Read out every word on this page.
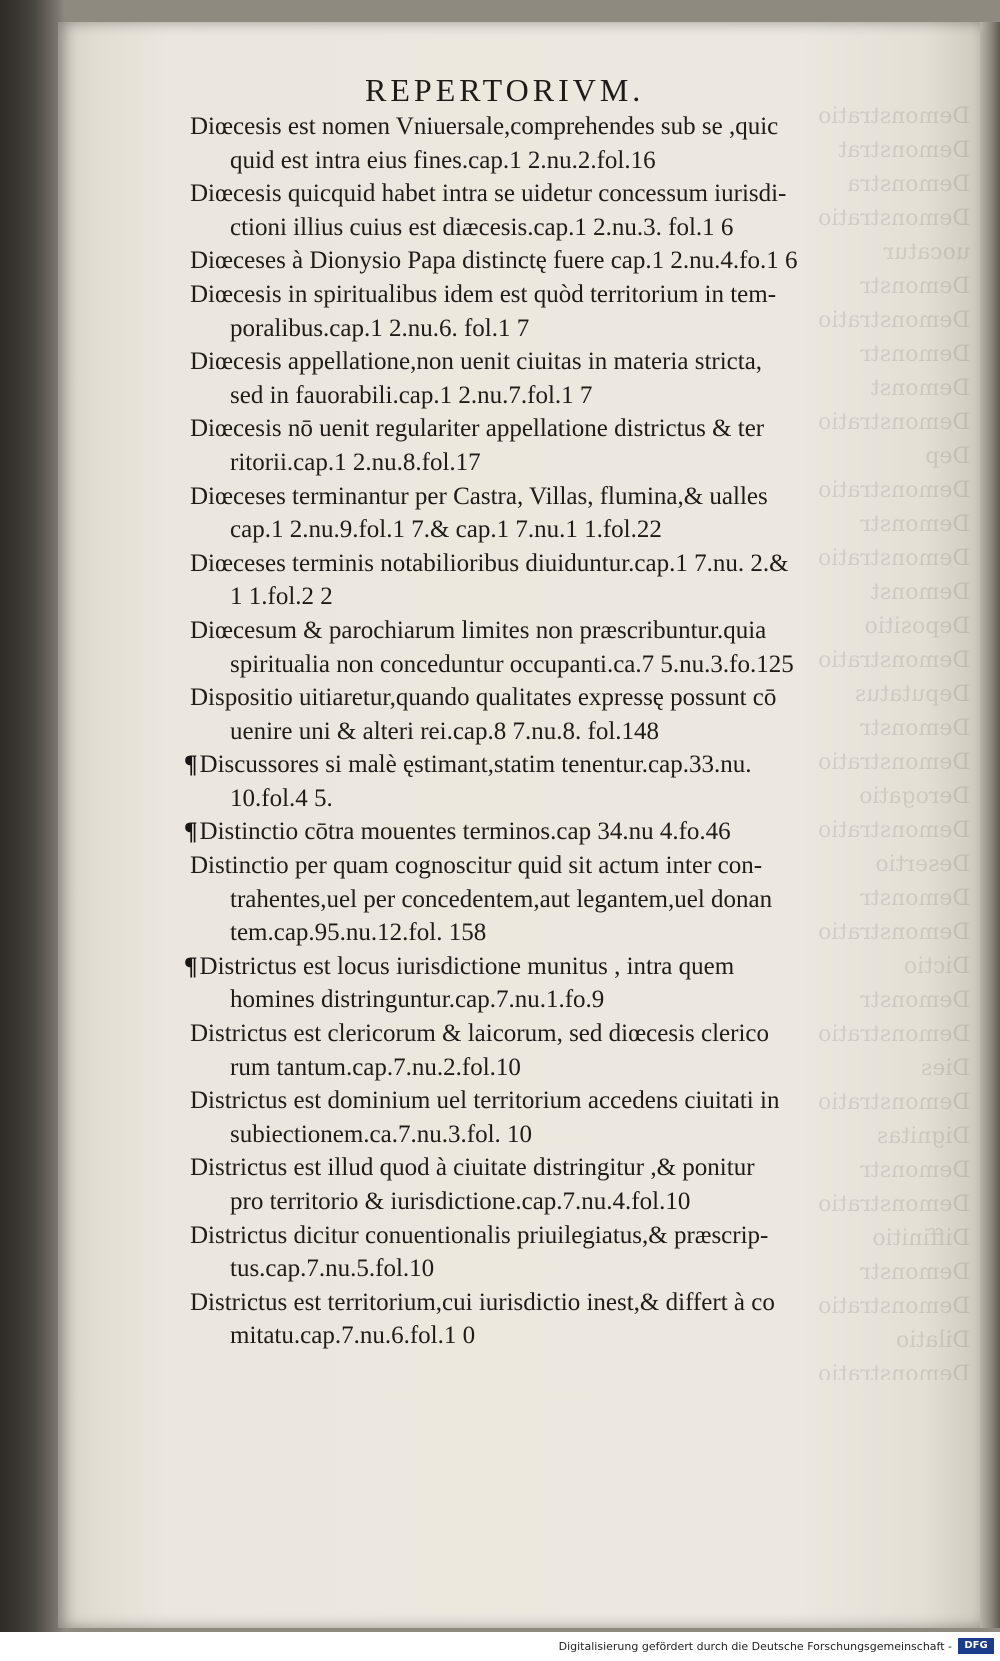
Demonstratio
Demonstrat
Demonstra
Demonstratio
uocatur
Demonstr
Demonstratio
Demonstr
Demonst
Demonstratio
Dep
Demonstratio
Demonstr
Demonstratio
Demonst
Depositio
Demonstratio
Deputatus
Demonstr
Demonstratio
Derogatio
Demonstratio
Desertio
Demonstr
Demonstratio
Dictio
Demonstr
Demonstratio
Dies
Demonstratio
Dignitas
Demonstr
Demonstratio
Diffinitio
Demonstr
Demonstratio
Dilatio
Demonstratio
REPERTORIVM.
Diœcesis est nomen Vniuersale,comprehendes sub se ,quic
quid est intra eius fines.cap.1 2.nu.2.fol.16
Diœcesis quicquid habet intra se uidetur concessum iurisdi-
ctioni illius cuius est diæcesis.cap.1 2.nu.3. fol.1 6
Diœceses à Dionysio Papa distinctę fuere cap.1 2.nu.4.fo.1 6
Diœcesis in spiritualibus idem est quòd territorium in tem-
poralibus.cap.1 2.nu.6. fol.1 7
Diœcesis appellatione,non uenit ciuitas in materia stricta,
sed in fauorabili.cap.1 2.nu.7.fol.1 7
Diœcesis nō uenit regulariter appellatione districtus & ter
ritorii.cap.1 2.nu.8.fol.17
Diœceses terminantur per Castra, Villas, flumina,& ualles
cap.1 2.nu.9.fol.1 7.& cap.1 7.nu.1 1.fol.22
Diœceses terminis notabilioribus diuiduntur.cap.1 7.nu. 2.&
1 1.fol.2 2
Diœcesum & parochiarum limites non præscribuntur.quia
spiritualia non conceduntur occupanti.ca.7 5.nu.3.fo.125
Dispositio uitiaretur,quando qualitates expressę possunt cō
uenire uni & alteri rei.cap.8 7.nu.8. fol.148
¶Discussores si malè ęstimant,statim tenentur.cap.33.nu.
10.fol.4 5.
¶Distinctio cōtra mouentes terminos.cap 34.nu 4.fo.46
Distinctio per quam cognoscitur quid sit actum inter con-
trahentes,uel per concedentem,aut legantem,uel donan
tem.cap.95.nu.12.fol. 158
¶Districtus est locus iurisdictione munitus , intra quem
homines distringuntur.cap.7.nu.1.fo.9
Districtus est clericorum & laicorum, sed diœcesis clerico
rum tantum.cap.7.nu.2.fol.10
Districtus est dominium uel territorium accedens ciuitati in
subiectionem.ca.7.nu.3.fol. 10
Districtus est illud quod à ciuitate distringitur ,& ponitur
pro territorio & iurisdictione.cap.7.nu.4.fol.10
Districtus dicitur conuentionalis priuilegiatus,& præscrip-
tus.cap.7.nu.5.fol.10
Districtus est territorium,cui iurisdictio inest,& differt à co
mitatu.cap.7.nu.6.fol.1 0
Digitalisierung gefördert durch die Deutsche Forschungsgemeinschaft -	DFG
